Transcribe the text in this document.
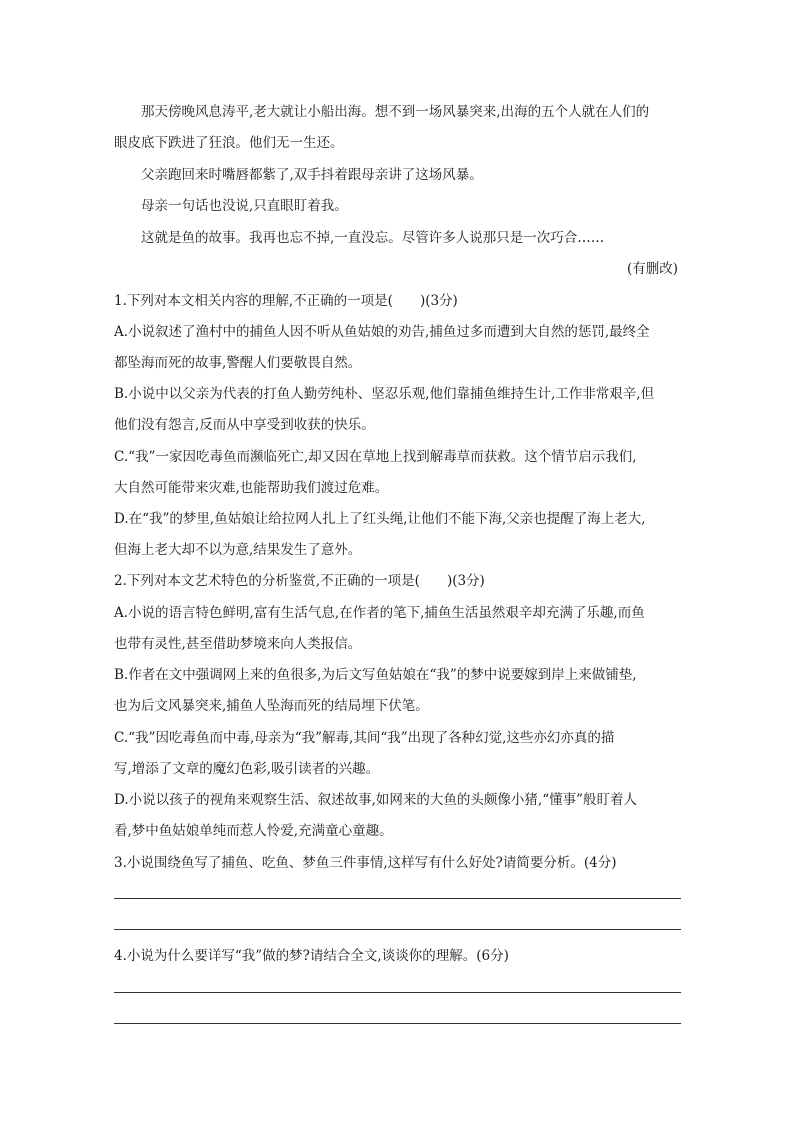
那天傍晚风息涛平,老大就让小船出海。想不到一场风暴突来,出海的五个人就在人们的
眼皮底下跌进了狂浪。他们无一生还。
父亲跑回来时嘴唇都紫了,双手抖着跟母亲讲了这场风暴。
母亲一句话也没说,只直眼盯着我。
这就是鱼的故事。我再也忘不掉,一直没忘。尽管许多人说那只是一次巧合……
(有删改)
1.下列对本文相关内容的理解,不正确的一项是(　　)(3分)
A.小说叙述了渔村中的捕鱼人因不听从鱼姑娘的劝告,捕鱼过多而遭到大自然的惩罚,最终全
都坠海而死的故事,警醒人们要敬畏自然。
B.小说中以父亲为代表的打鱼人勤劳纯朴、坚忍乐观,他们靠捕鱼维持生计,工作非常艰辛,但
他们没有怨言,反而从中享受到收获的快乐。
C.“我”一家因吃毒鱼而濒临死亡,却又因在草地上找到解毒草而获救。这个情节启示我们,
大自然可能带来灾难,也能帮助我们渡过危难。
D.在“我”的梦里,鱼姑娘让给拉网人扎上了红头绳,让他们不能下海,父亲也提醒了海上老大,
但海上老大却不以为意,结果发生了意外。
2.下列对本文艺术特色的分析鉴赏,不正确的一项是(　　)(3分)
A.小说的语言特色鲜明,富有生活气息,在作者的笔下,捕鱼生活虽然艰辛却充满了乐趣,而鱼
也带有灵性,甚至借助梦境来向人类报信。
B.作者在文中强调网上来的鱼很多,为后文写鱼姑娘在“我”的梦中说要嫁到岸上来做铺垫,
也为后文风暴突来,捕鱼人坠海而死的结局埋下伏笔。
C.“我”因吃毒鱼而中毒,母亲为“我”解毒,其间“我”出现了各种幻觉,这些亦幻亦真的描
写,增添了文章的魔幻色彩,吸引读者的兴趣。
D.小说以孩子的视角来观察生活、叙述故事,如网来的大鱼的头颇像小猪,“懂事”般盯着人
看,梦中鱼姑娘单纯而惹人怜爱,充满童心童趣。
3.小说围绕鱼写了捕鱼、吃鱼、梦鱼三件事情,这样写有什么好处?请简要分析。(4分)
4.小说为什么要详写“我”做的梦?请结合全文,谈谈你的理解。(6分)
